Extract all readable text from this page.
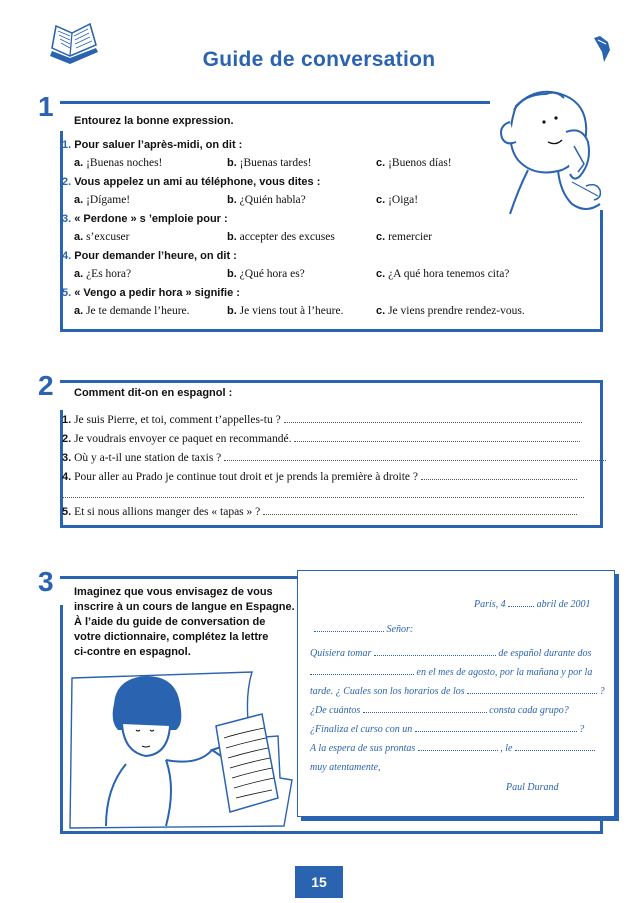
Guide de conversation
1 Entourez la bonne expression.
1. Pour saluer l’après-midi, on dit :
a. ¡Buenas noches!	b. ¡Buenas tardes!	c. ¡Buenos días!
2. Vous appelez un ami au téléphone, vous dites :
a. ¡Dígame!	b. ¿Quién habla?	c. ¡Oiga!
3. « Perdone » s ’emploie pour :
a. s’excuser	b. accepter des excuses	c. remercier
4. Pour demander l’heure, on dit :
a. ¿Es hora?	b. ¿Qué hora es?	c. ¿A qué hora tenemos cita?
5. « Vengo a pedir hora » signifie :
a. Je te demande l’heure.	b. Je viens tout à l’heure.	c. Je viens prendre rendez-vous.
2 Comment dit-on en espagnol :
1. Je suis Pierre, et toi, comment t’appelles-tu ?
2. Je voudrais envoyer ce paquet en recommandé.
3. Où y a-t-il une station de taxis ?
4. Pour aller au Prado je continue tout droit et je prends la première à droite ?
5. Et si nous allions manger des « tapas » ?
3 Imaginez que vous envisagez de vous
inscrire à un cours de langue en Espagne.
À l’aide du guide de conversation de
votre dictionnaire, complétez la lettre
ci-contre en espagnol.
París, 4	abril de 2001
Señor:
Quisiera tomar	de español durante dos
en el mes de agosto, por la mañana y por la
tarde. ¿ Cuales son los horarios de los	?
¿De cuántos	consta cada grupo?
¿Finaliza el curso con un	?
A la espera de sus prontas	, le
muy atentamente,
Paul Durand
15
